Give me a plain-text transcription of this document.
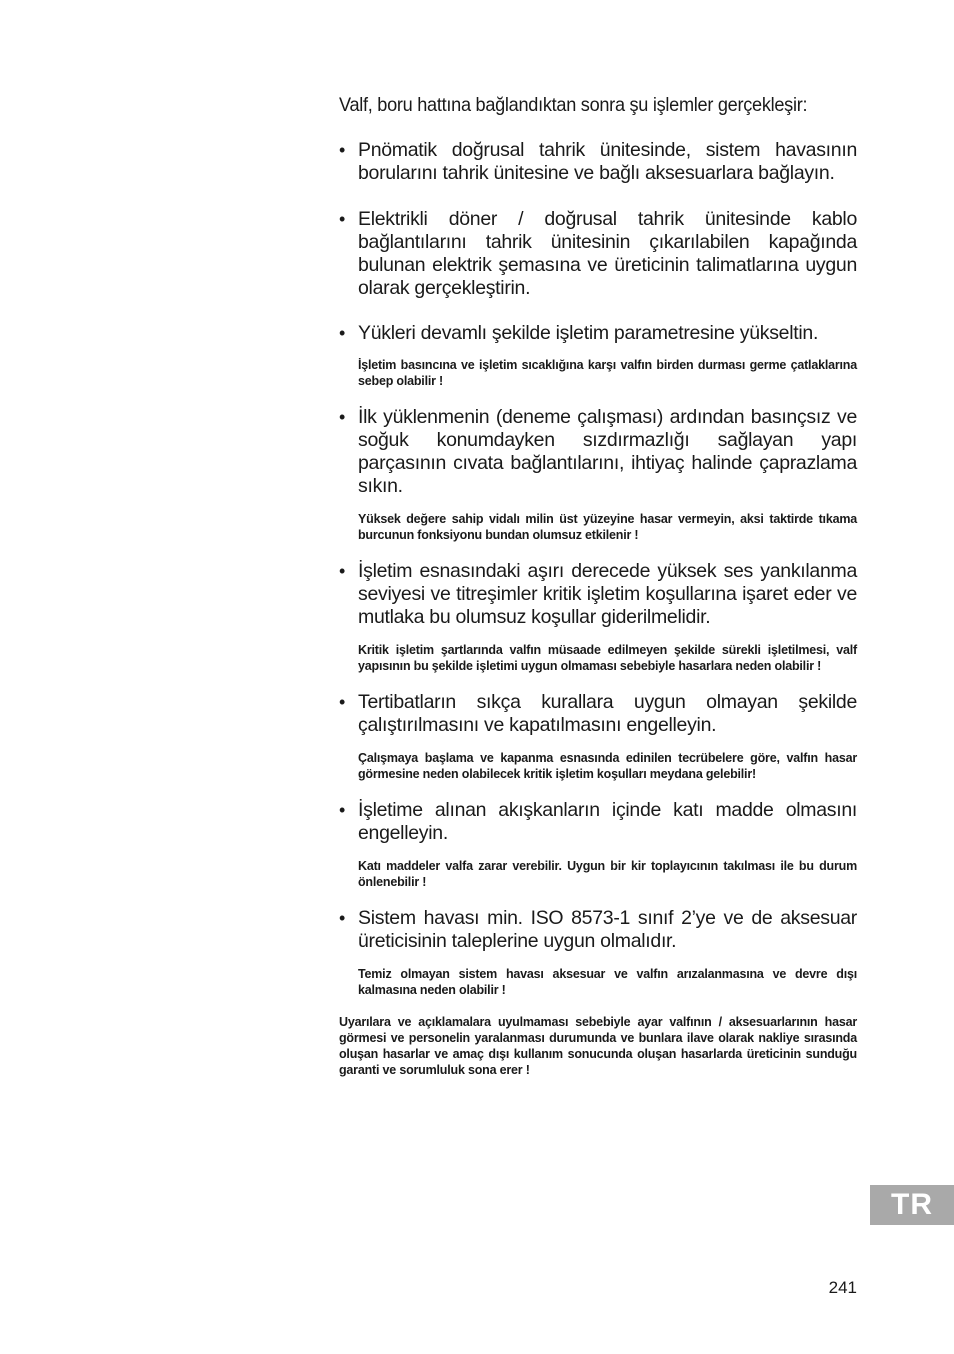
Valf, boru hattına bağlandıktan sonra şu işlemler gerçekleşir:

• Pnömatik doğrusal tahrik ünitesinde, sistem havasının borularını tahrik ünitesine ve bağlı aksesuarlara bağlayın.

• Elektrikli döner / doğrusal tahrik ünitesinde kablo bağlantılarını tahrik ünitesinin çıkarılabilen kapağında bulunan elektrik şemasına ve üreticinin talimatlarına uygun olarak gerçekleştirin.

• Yükleri devamlı şekilde işletim parametresine yükseltin.

İşletim basıncına ve işletim sıcaklığına karşı valfın birden durması germe çatlaklarına sebep olabilir !

• İlk yüklenmenin (deneme çalışması) ardından basınçsız ve soğuk konumdayken sızdırmazlığı sağlayan yapı parçasının cıvata bağlantılarını, ihtiyaç halinde çaprazlama sıkın.

Yüksek değere sahip vidalı milin üst yüzeyine hasar vermeyin, aksi taktirde tıkama burcunun fonksiyonu bundan olumsuz etkilenir !

• İşletim esnasındaki aşırı derecede yüksek ses yankılanma seviyesi ve titreşimler kritik işletim koşullarına işaret eder ve mutlaka bu olumsuz koşullar giderilmelidir.

Kritik işletim şartlarında valfın müsaade edilmeyen şekilde sürekli işletilmesi, valf yapısının bu şekilde işletimi uygun olmaması sebebiyle hasarlara neden olabilir !

• Tertibatların sıkça kurallara uygun olmayan şekilde çalıştırılmasını ve kapatılmasını engelleyin.

Çalışmaya başlama ve kapanma esnasında edinilen tecrübelere göre, valfın hasar görmesine neden olabilecek kritik işletim koşulları meydana gelebilir!

• İşletime alınan akışkanların içinde katı madde olmasını engelleyin.

Katı maddeler valfa zarar verebilir. Uygun bir kir toplayıcının takılması ile bu durum önlenebilir !

• Sistem havası min. ISO 8573-1 sınıf 2’ye ve de aksesuar üreticisinin taleplerine uygun olmalıdır.

Temiz olmayan sistem havası aksesuar ve valfın arızalanmasına ve devre dışı kalmasına neden olabilir !

Uyarılara ve açıklamalara uyulmaması sebebiyle ayar valfının / aksesuarlarının hasar görmesi ve personelin yaralanması durumunda ve bunlara ilave olarak nakliye sırasında oluşan hasarlar ve amaç dışı kullanım sonucunda oluşan hasarlarda üreticinin sunduğu garanti ve sorumluluk sona erer !

TR
241
